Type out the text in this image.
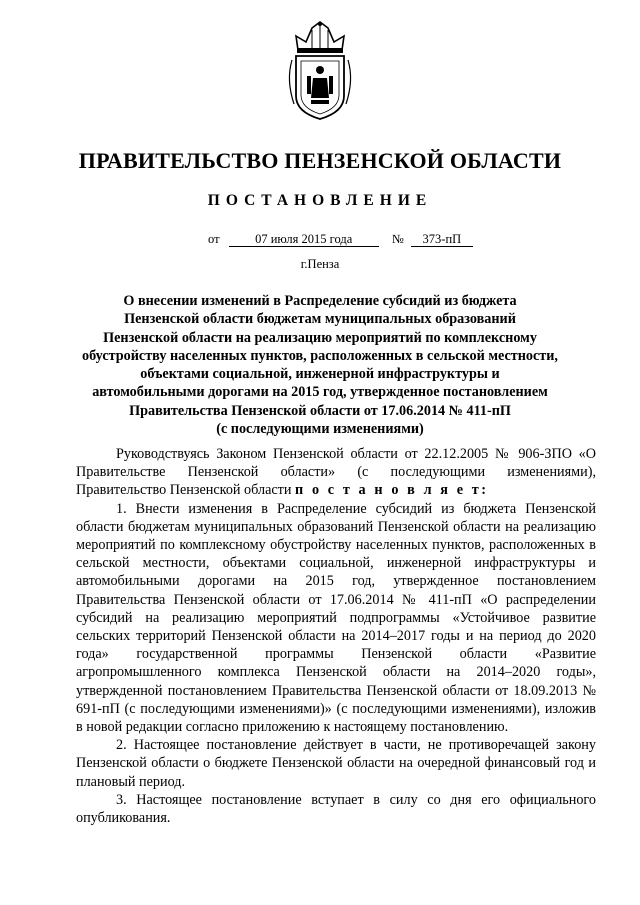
ПРАВИТЕЛЬСТВО ПЕНЗЕНСКОЙ ОБЛАСТИ
ПОСТАНОВЛЕНИЕ
от	07 июля 2015 года	№ 373-пП
г.Пенза
О внесении изменений в Распределение субсидий из бюджета
Пензенской области бюджетам муниципальных образований
Пензенской области на реализацию мероприятий по комплексному
обустройству населенных пунктов, расположенных в сельской местности,
объектами социальной, инженерной инфраструктуры и
автомобильными дорогами на 2015 год, утвержденное постановлением
Правительства Пензенской области от 17.06.2014 № 411-пП
(с последующими изменениями)

Руководствуясь Законом Пензенской области от 22.12.2005 № 906-ЗПО «О Правительстве Пензенской области» (с последующими изменениями), Правительство Пензенской области п о с т а н о в л я е т:

1. Внести изменения в Распределение субсидий из бюджета Пензенской области бюджетам муниципальных образований Пензенской области на реализацию мероприятий по комплексному обустройству населенных пунктов, расположенных в сельской местности, объектами социальной, инженерной инфраструктуры и автомобильными дорогами на 2015 год, утвержденное постановлением Правительства Пензенской области от 17.06.2014 № 411-пП «О распределении субсидий на реализацию мероприятий подпрограммы «Устойчивое развитие сельских территорий Пензенской области на 2014–2017 годы и на период до 2020 года» государственной программы Пензенской области «Развитие агропромышленного комплекса Пензенской области на 2014–2020 годы», утвержденной постановлением Правительства Пензенской области от 18.09.2013 № 691-пП (с последующими изменениями)» (с последующими изменениями), изложив в новой редакции согласно приложению к настоящему постановлению.

2. Настоящее постановление действует в части, не противоречащей закону Пензенской области о бюджете Пензенской области на очередной финансовый год и плановый период.

3. Настоящее постановление вступает в силу со дня его официального опубликования.
